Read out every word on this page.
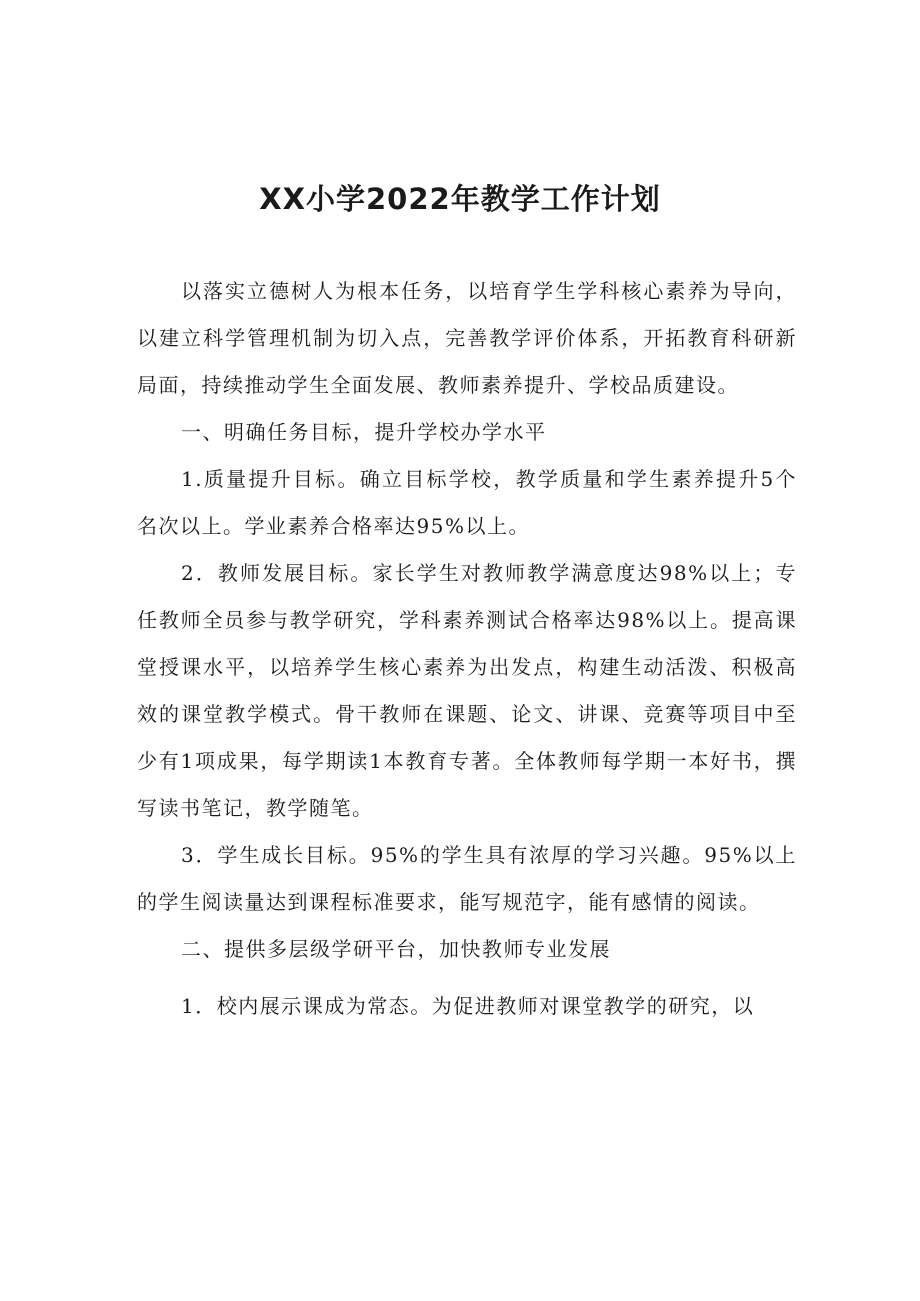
XX小学2022年教学工作计划

以落实立德树人为根本任务，以培育学生学科核心素养为导向，以建立科学管理机制为切入点，完善教学评价体系，开拓教育科研新局面，持续推动学生全面发展、教师素养提升、学校品质建设。

一、明确任务目标，提升学校办学水平

1.质量提升目标。确立目标学校，教学质量和学生素养提升5个名次以上。学业素养合格率达95%以上。

2．教师发展目标。家长学生对教师教学满意度达98%以上；专任教师全员参与教学研究，学科素养测试合格率达98%以上。提高课堂授课水平，以培养学生核心素养为出发点，构建生动活泼、积极高效的课堂教学模式。骨干教师在课题、论文、讲课、竞赛等项目中至少有1项成果，每学期读1本教育专著。全体教师每学期一本好书，撰写读书笔记，教学随笔。

3．学生成长目标。95%的学生具有浓厚的学习兴趣。95%以上的学生阅读量达到课程标准要求，能写规范字，能有感情的阅读。

二、提供多层级学研平台，加快教师专业发展

1．校内展示课成为常态。为促进教师对课堂教学的研究，以
